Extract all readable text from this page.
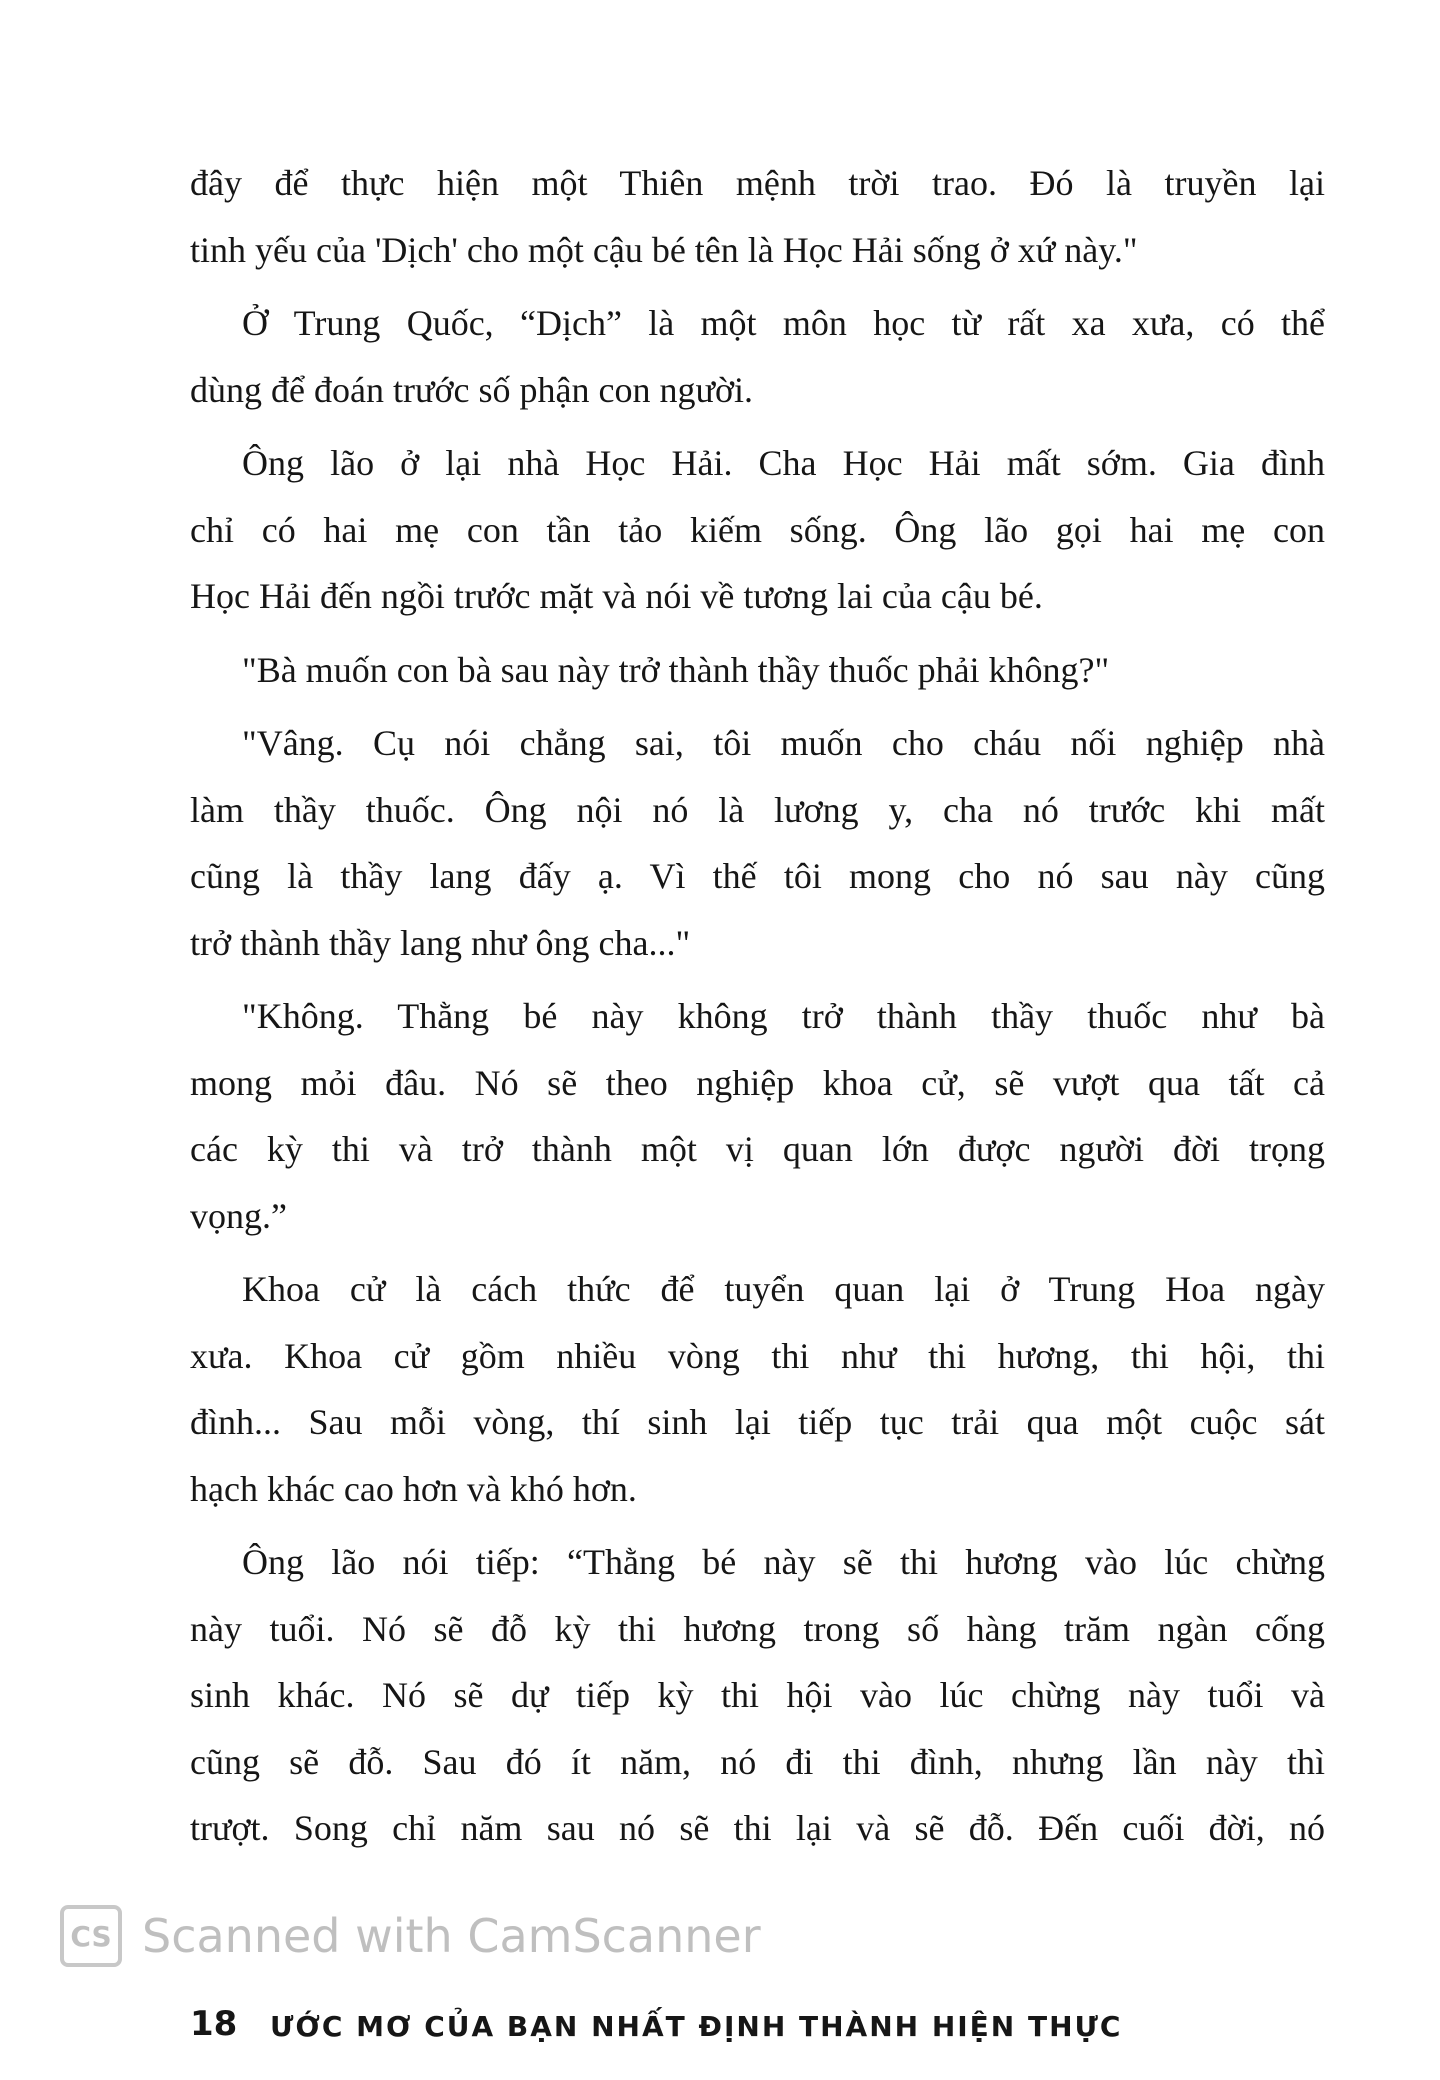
đây để thực hiện một Thiên mệnh trời trao. Đó là truyền lại
tinh yếu của 'Dịch' cho một cậu bé tên là Học Hải sống ở xứ này."
Ở Trung Quốc, “Dịch” là một môn học từ rất xa xưa, có thể
dùng để đoán trước số phận con người.
Ông lão ở lại nhà Học Hải. Cha Học Hải mất sớm. Gia đình
chỉ có hai mẹ con tần tảo kiếm sống. Ông lão gọi hai mẹ con
Học Hải đến ngồi trước mặt và nói về tương lai của cậu bé.
"Bà muốn con bà sau này trở thành thầy thuốc phải không?"
"Vâng. Cụ nói chẳng sai, tôi muốn cho cháu nối nghiệp nhà
làm thầy thuốc. Ông nội nó là lương y, cha nó trước khi mất
cũng là thầy lang đấy ạ. Vì thế tôi mong cho nó sau này cũng
trở thành thầy lang như ông cha..."
"Không. Thằng bé này không trở thành thầy thuốc như bà
mong mỏi đâu. Nó sẽ theo nghiệp khoa cử, sẽ vượt qua tất cả
các kỳ thi và trở thành một vị quan lớn được người đời trọng
vọng.”
Khoa cử là cách thức để tuyển quan lại ở Trung Hoa ngày
xưa. Khoa cử gồm nhiều vòng thi như thi hương, thi hội, thi
đình... Sau mỗi vòng, thí sinh lại tiếp tục trải qua một cuộc sát
hạch khác cao hơn và khó hơn.
Ông lão nói tiếp: “Thằng bé này sẽ thi hương vào lúc chừng
này tuổi. Nó sẽ đỗ kỳ thi hương trong số hàng trăm ngàn cống
sinh khác. Nó sẽ dự tiếp kỳ thi hội vào lúc chừng này tuổi và
cũng sẽ đỗ. Sau đó ít năm, nó đi thi đình, nhưng lần này thì
trượt. Song chỉ năm sau nó sẽ thi lại và sẽ đỗ. Đến cuối đời, nó
CS Scanned with CamScanner
18 ƯỚC MƠ CỦA BẠN NHẤT ĐỊNH THÀNH HIỆN THỰC
